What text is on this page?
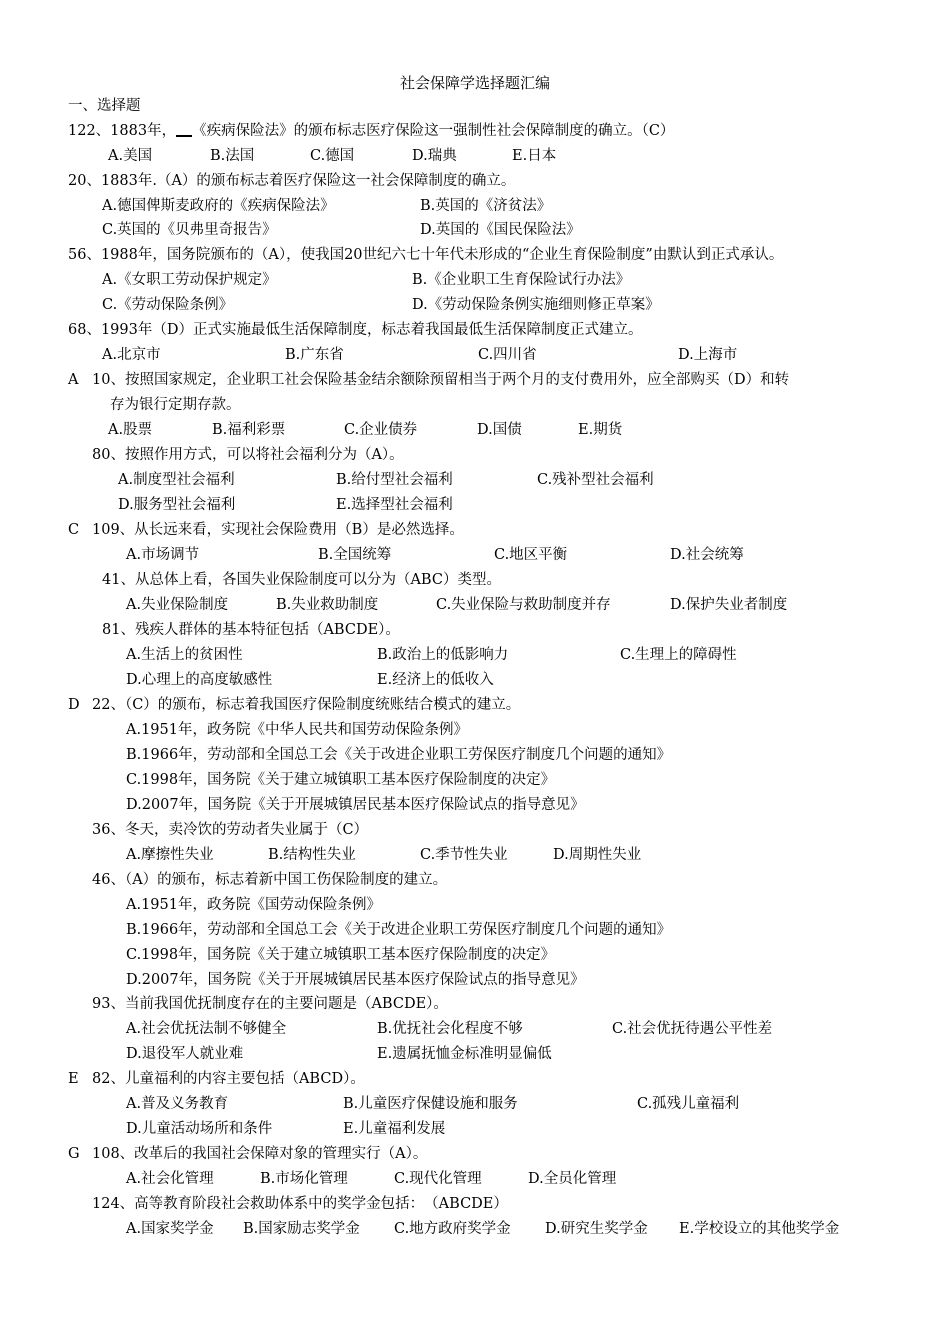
社会保障学选择题汇编
一、选择题
122、1883年， 《疾病保险法》的颁布标志医疗保险这一强制性社会保障制度的确立。（C）
A.美国	B.法国	C.德国	D.瑞典	E.日本
20、1883年.（A）的颁布标志着医疗保险这一社会保障制度的确立。
A.德国俾斯麦政府的《疾病保险法》	B.英国的《济贫法》
C.英国的《贝弗里奇报告》	D.英国的《国民保险法》
56、1988年，国务院颁布的（A），使我国20世纪六七十年代未形成的“企业生育保险制度”由默认到正式承认。
A.《女职工劳动保护规定》	B.《企业职工生育保险试行办法》
C.《劳动保险条例》	D.《劳动保险条例实施细则修正草案》
68、1993年（D）正式实施最低生活保障制度，标志着我国最低生活保障制度正式建立。
A.北京市	B.广东省	C.四川省	D.上海市
A 10、按照国家规定，企业职工社会保险基金结余额除预留相当于两个月的支付费用外，应全部购买（D）和转
存为银行定期存款。
A.股票	B.福利彩票	C.企业债券	D.国债	E.期货
80、按照作用方式，可以将社会福利分为（A）。
A.制度型社会福利	B.给付型社会福利	C.残补型社会福利
D.服务型社会福利	E.选择型社会福利
C 109、从长远来看，实现社会保险费用（B）是必然选择。
A.市场调节	B.全国统筹	C.地区平衡	D.社会统筹
41、从总体上看，各国失业保险制度可以分为（ABC）类型。
A.失业保险制度	B.失业救助制度	C.失业保险与救助制度并存	D.保护失业者制度
81、残疾人群体的基本特征包括（ABCDE）。
A.生活上的贫困性	B.政治上的低影响力	C.生理上的障碍性
D.心理上的高度敏感性	E.经济上的低收入
D 22、（C）的颁布，标志着我国医疗保险制度统账结合模式的建立。
A.1951年，政务院《中华人民共和国劳动保险条例》
B.1966年，劳动部和全国总工会《关于改进企业职工劳保医疗制度几个问题的通知》
C.1998年，国务院《关于建立城镇职工基本医疗保险制度的决定》
D.2007年，国务院《关于开展城镇居民基本医疗保险试点的指导意见》
36、冬天，卖冷饮的劳动者失业属于（C）
A.摩擦性失业	B.结构性失业	C.季节性失业	D.周期性失业
46、（A）的颁布，标志着新中国工伤保险制度的建立。
A.1951年，政务院《国劳动保险条例》
B.1966年，劳动部和全国总工会《关于改进企业职工劳保医疗制度几个问题的通知》
C.1998年，国务院《关于建立城镇职工基本医疗保险制度的决定》
D.2007年，国务院《关于开展城镇居民基本医疗保险试点的指导意见》
93、当前我国优抚制度存在的主要问题是（ABCDE）。
A.社会优抚法制不够健全	B.优抚社会化程度不够	C.社会优抚待遇公平性差
D.退役军人就业难	E.遗属抚恤金标准明显偏低
E 82、儿童福利的内容主要包括（ABCD）。
A.普及义务教育	B.儿童医疗保健设施和服务	C.孤残儿童福利
D.儿童活动场所和条件	E.儿童福利发展
G 108、改革后的我国社会保障对象的管理实行（A）。
A.社会化管理	B.市场化管理	C.现代化管理	D.全员化管理
124、高等教育阶段社会救助体系中的奖学金包括：　（ABCDE）
A.国家奖学金 B.国家励志奖学金 C.地方政府奖学金 D.研究生奖学金 E.学校设立的其他奖学金
